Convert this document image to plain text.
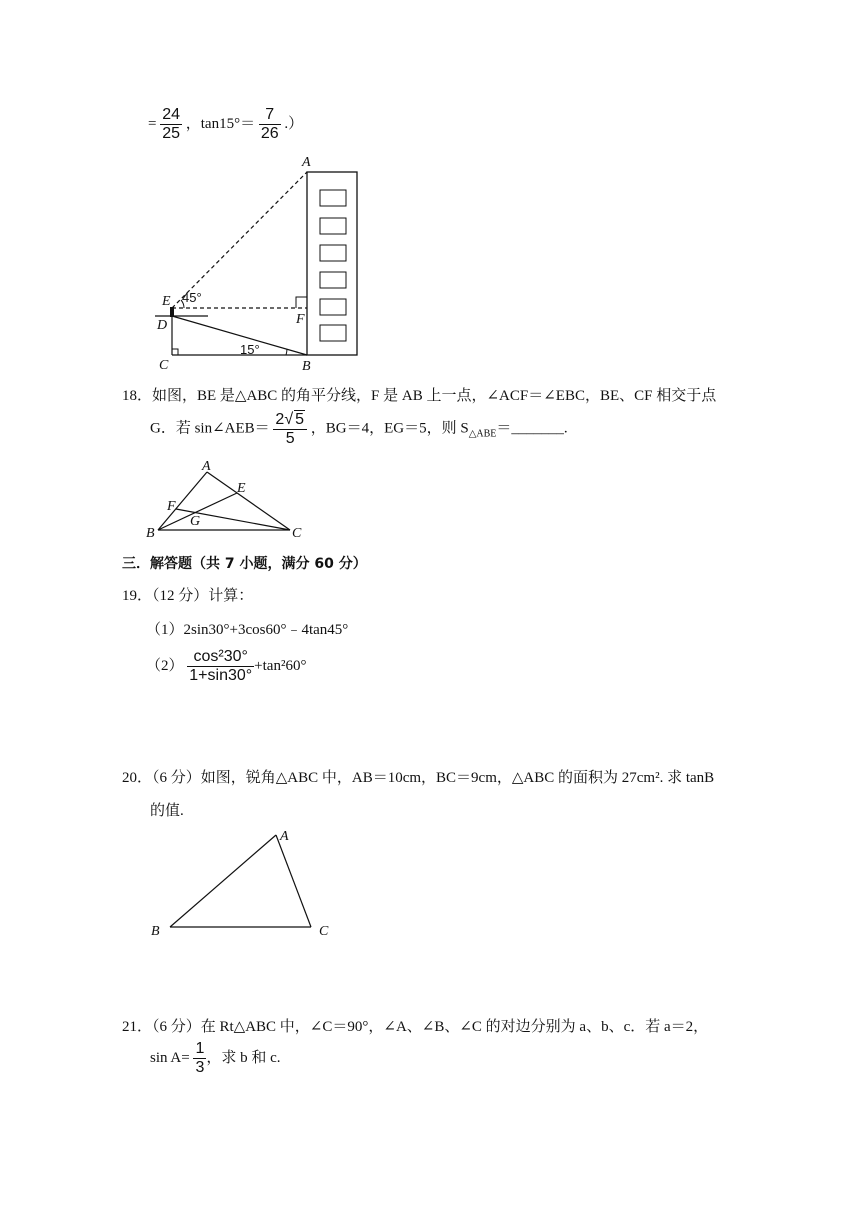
= $\frac{24}{25}$ ，$\tan 15^\circ= \frac{7}{26}$ .）
A
E 45°
D	F
C
15°
B
18．如图，BE 是△ABC 的角平分线，F 是 AB 上一点，∠ACF＝∠EBC，BE、CF 相交于点
G．若 sin∠AEB＝ $\frac{2√ 5}{5}$ ，BG＝4，EG＝5，则 $S_{\triangle ABE}=\_\_\_\_\_\_\_$.
A
E
F
G
B	C
三．解答题（共 7 小题，满分 60 分）
19．（12 分）计算：
（1）2sin30°+3cos60°﹣4tan45°
$(2) \frac{\text{cos²30°}}{1+\sin 30^\circ} +\tan^260^\circ$
20．（6 分）如图，锐角△ABC 中，AB＝10cm，BC＝9cm，△ABC 的面积为 27cm². 求 tanB
的值.
A
B	C
21．（6 分）在 Rt△ABC 中，∠C＝90°，∠A、∠B、∠C 的对边分别为 a、b、c．若 a＝2，
$\sin A= \frac{1}{3}$ ，求 b 和 c.
